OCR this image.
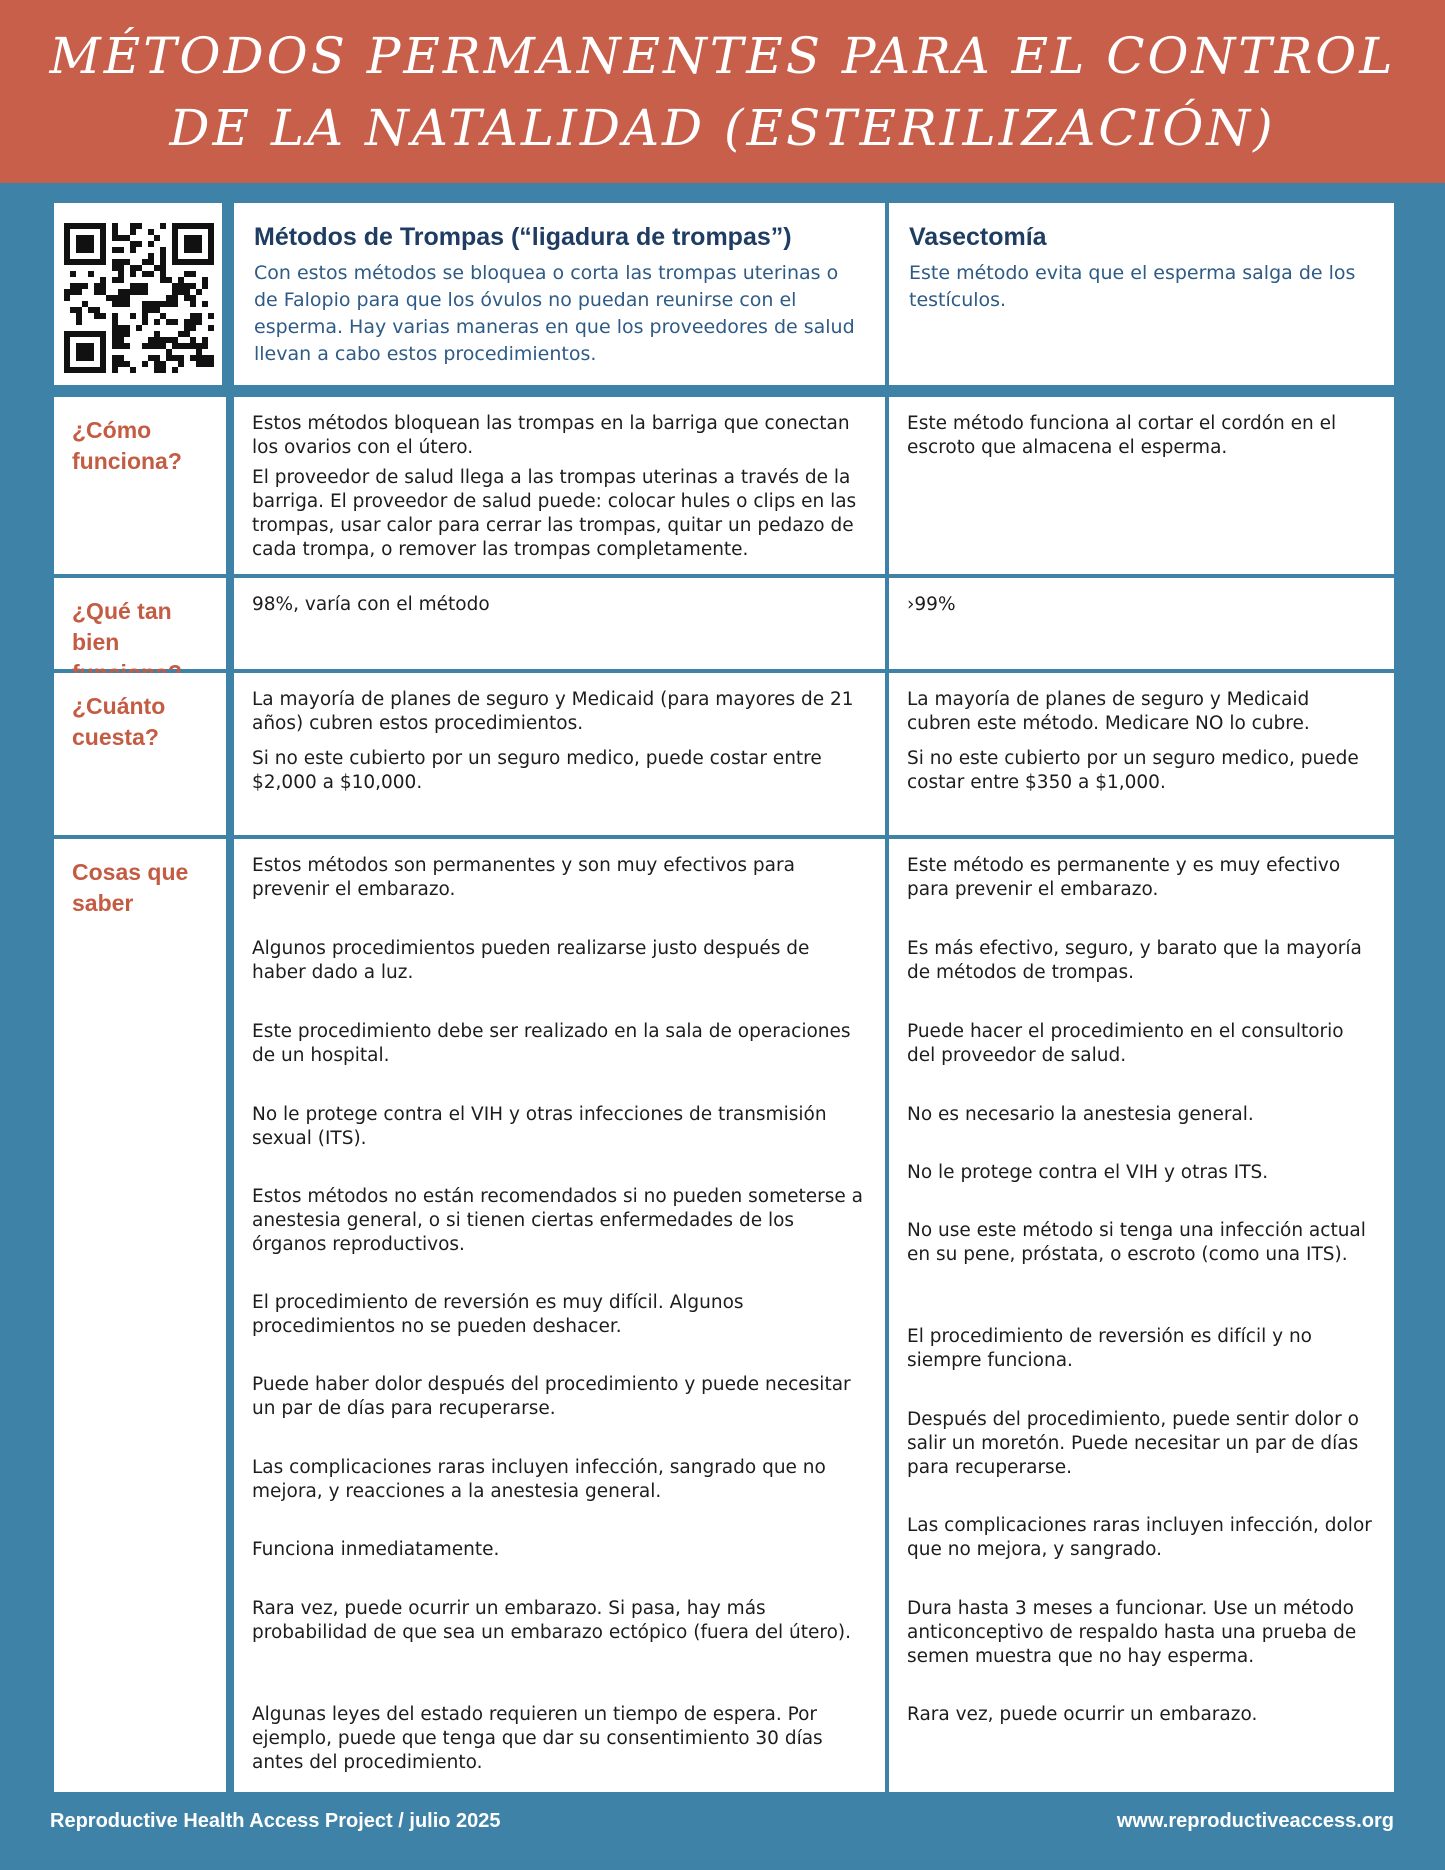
MÉTODOS PERMANENTES PARA EL CONTROL
DE LA NATALIDAD (ESTERILIZACIÓN)
Métodos de Trompas (“ligadura de trompas”)

Con estos métodos se bloquea o corta las trompas uterinas o de Falopio para que los óvulos no puedan reunirse con el esperma. Hay varias maneras en que los proveedores de salud llevan a cabo estos procedimientos.

Vasectomía

Este método evita que el esperma salga de los testículos.

¿Cómo funciona?

Estos métodos bloquean las trompas en la barriga que conectan los ovarios con el útero.

El proveedor de salud llega a las trompas uterinas a través de la barriga. El proveedor de salud puede: colocar hules o clips en las trompas, usar calor para cerrar las trompas, quitar un pedazo de cada trompa, o remover las trompas completamente.

Este método funciona al cortar el cordón en el escroto que almacena el esperma.

¿Qué tan bien

98%, varía con el método	›99%

¿Cuánto cuesta?

La mayoría de planes de seguro y Medicaid (para mayores de 21 años) cubren estos procedimientos.

Si no este cubierto por un seguro medico, puede costar entre $2,000 a $10,000.

La mayoría de planes de seguro y Medicaid cubren este método. Medicare NO lo cubre.

Si no este cubierto por un seguro medico, puede costar entre $350 a $1,000.

Cosas que saber

Estos métodos son permanentes y son muy efectivos para prevenir el embarazo.

Algunos procedimientos pueden realizarse justo después de haber dado a luz.

Este procedimiento debe ser realizado en la sala de operaciones de un hospital.

No le protege contra el VIH y otras infecciones de transmisión sexual (ITS).

Estos métodos no están recomendados si no pueden someterse a anestesia general, o si tienen ciertas enfermedades de los órganos reproductivos.

El procedimiento de reversión es muy difícil. Algunos procedimientos no se pueden deshacer.

Puede haber dolor después del procedimiento y puede necesitar un par de días para recuperarse.

Las complicaciones raras incluyen infección, sangrado que no mejora, y reacciones a la anestesia general.

Funciona inmediatamente.

Rara vez, puede ocurrir un embarazo. Si pasa, hay más probabilidad de que sea un embarazo ectópico (fuera del útero).

Algunas leyes del estado requieren un tiempo de espera. Por ejemplo, puede que tenga que dar su consentimiento 30 días antes del procedimiento.

Este método es permanente y es muy efectivo para prevenir el embarazo.

Es más efectivo, seguro, y barato que la mayoría de métodos de trompas.

Puede hacer el procedimiento en el consultorio del proveedor de salud.

No es necesario la anestesia general.

No le protege contra el VIH y otras ITS.

No use este método si tenga una infección actual en su pene, próstata, o escroto (como una ITS).

El procedimiento de reversión es difícil y no siempre funciona.

Después del procedimiento, puede sentir dolor o salir un moretón. Puede necesitar un par de días para recuperarse.

Las complicaciones raras incluyen infección, dolor que no mejora, y sangrado.

Dura hasta 3 meses a funcionar. Use un método anticonceptivo de respaldo hasta una prueba de semen muestra que no hay esperma.

Rara vez, puede ocurrir un embarazo.

Reproductive Health Access Project / julio 2025	www.reproductiveaccess.org
